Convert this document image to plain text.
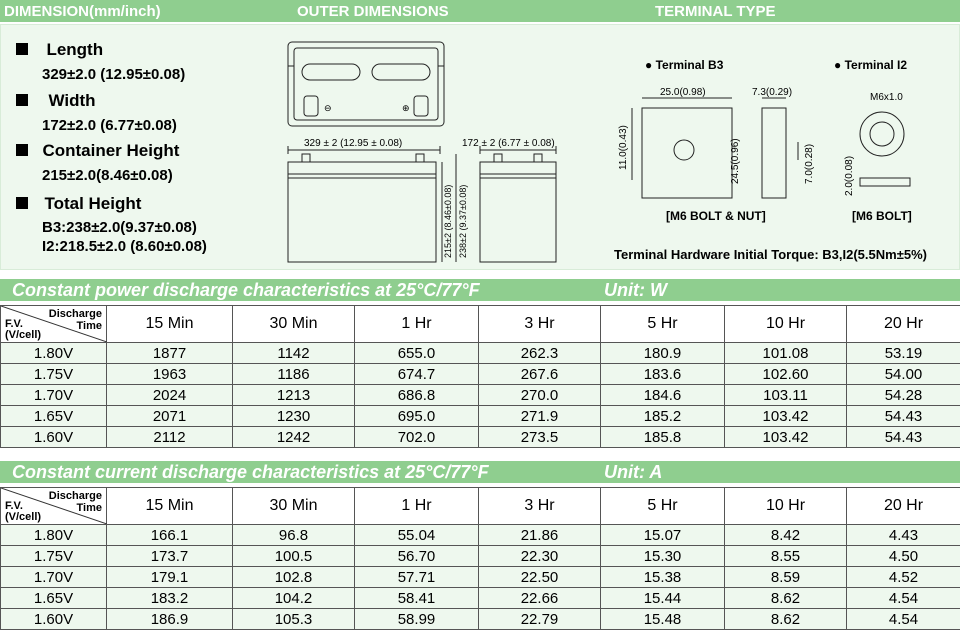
DIMENSION(mm/inch)	OUTER DIMENSIONS	TERMINAL TYPE
Length
329±2.0 (12.95±0.08)
Width
172±2.0 (6.77±0.08)
Container Height
215±2.0(8.46±0.08)
Total Height
B3:238±2.0(9.37±0.08)
I2:218.5±2.0 (8.60±0.08)
⊖	⊕
329 ± 2 (12.95 ± 0.08)	172 ± 2 (6.77 ± 0.08)
215±2 (8.46±0.08) 238±2 (9.37±0.08)
● Terminal B3	● Terminal I2
25.0(0.98)
11.0(0.43)
7.3(0.29)
24.5(0.96)	7.0(0.28)
[M6 BOLT & NUT]
M6x1.0
2.0(0.08)
[M6 BOLT]
Terminal Hardware Initial Torque: B3,I2(5.5Nm±5%)
Constant power discharge characteristics at 25°C/77°F	Unit: W
Discharge
Time
F.V.
(V/cell)	15 Min	30 Min	1 Hr	3 Hr	5 Hr	10 Hr	20 Hr
1.80V	1877	1142	655.0	262.3	180.9	101.08	53.19
1.75V	1963	1186	674.7	267.6	183.6	102.60	54.00
1.70V	2024	1213	686.8	270.0	184.6	103.11	54.28
1.65V	2071	1230	695.0	271.9	185.2	103.42	54.43
1.60V	2112	1242	702.0	273.5	185.8	103.42	54.43
Constant current discharge characteristics at 25°C/77°F	Unit: A
Discharge
Time
F.V.
(V/cell)	15 Min	30 Min	1 Hr	3 Hr	5 Hr	10 Hr	20 Hr
1.80V	166.1	96.8	55.04	21.86	15.07	8.42	4.43
1.75V	173.7	100.5	56.70	22.30	15.30	8.55	4.50
1.70V	179.1	102.8	57.71	22.50	15.38	8.59	4.52
1.65V	183.2	104.2	58.41	22.66	15.44	8.62	4.54
1.60V	186.9	105.3	58.99	22.79	15.48	8.62	4.54
